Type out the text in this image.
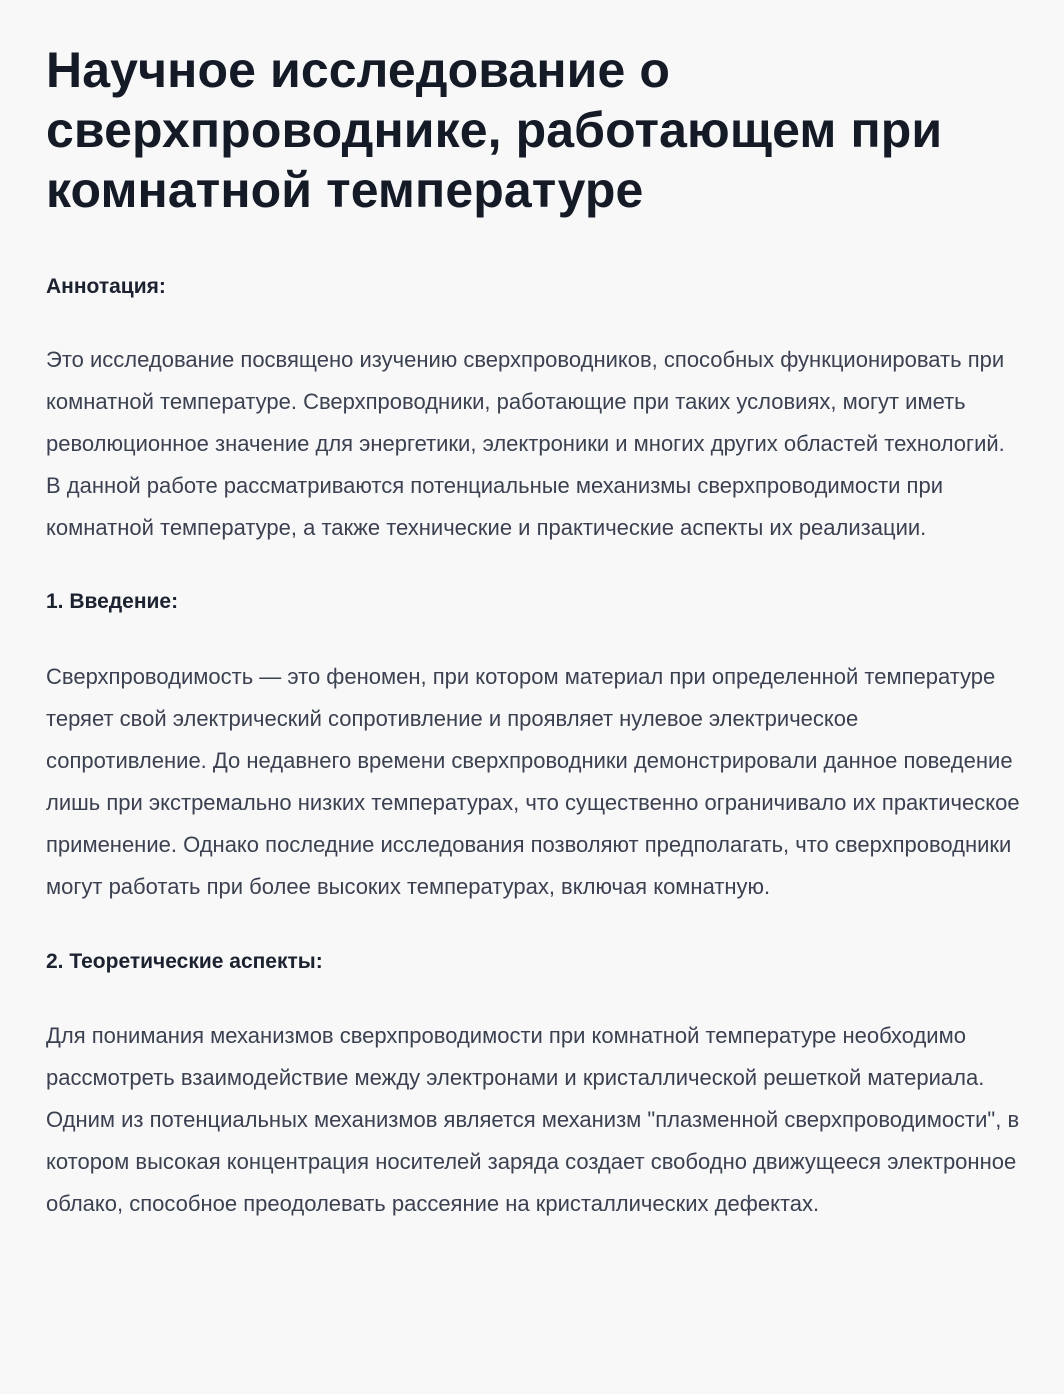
Научное исследование о сверхпроводнике, работающем при комнатной температуре
Аннотация:

Это исследование посвящено изучению сверхпроводников, способных функционировать при комнатной температуре. Сверхпроводники, работающие при таких условиях, могут иметь революционное значение для энергетики, электроники и многих других областей технологий. В данной работе рассматриваются потенциальные механизмы сверхпроводимости при комнатной температуре, а также технические и практические аспекты их реализации.

1. Введение:

Сверхпроводимость — это феномен, при котором материал при определенной температуре теряет свой электрический сопротивление и проявляет нулевое электрическое сопротивление. До недавнего времени сверхпроводники демонстрировали данное поведение лишь при экстремально низких температурах, что существенно ограничивало их практическое применение. Однако последние исследования позволяют предполагать, что сверхпроводники могут работать при более высоких температурах, включая комнатную.

2. Теоретические аспекты:

Для понимания механизмов сверхпроводимости при комнатной температуре необходимо рассмотреть взаимодействие между электронами и кристаллической решеткой материала. Одним из потенциальных механизмов является механизм "плазменной сверхпроводимости", в котором высокая концентрация носителей заряда создает свободно движущееся электронное облако, способное преодолевать рассеяние на кристаллических дефектах.
